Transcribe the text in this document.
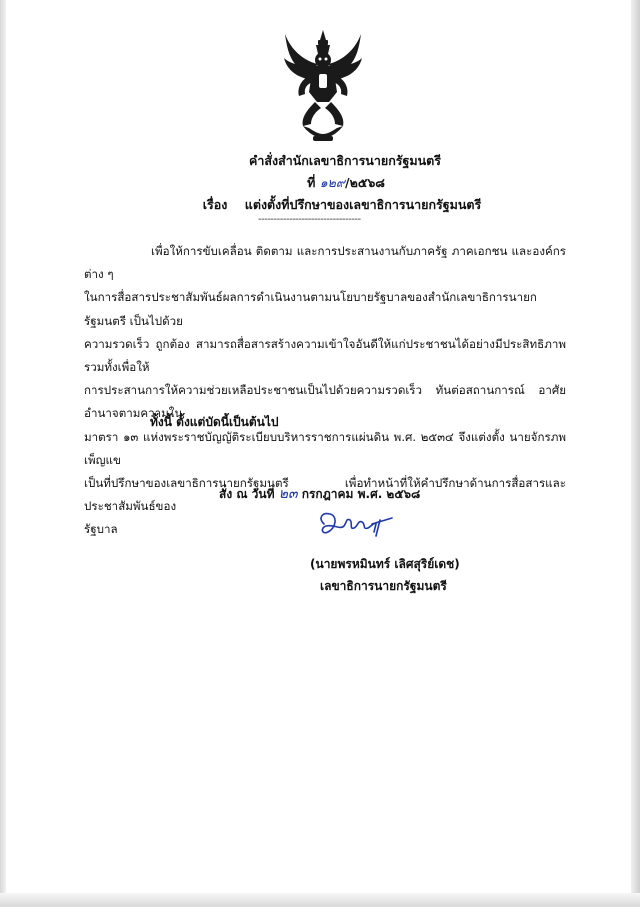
คำสั่งสำนักเลขาธิการนายกรัฐมนตรี
ที่ ๑๒๙/๒๕๖๘
เรื่อง แต่งตั้งที่ปรึกษาของเลขาธิการนายกรัฐมนตรี
---------------------------------

เพื่อให้การขับเคลื่อน ติดตาม และการประสานงานกับภาครัฐ ภาคเอกชน และองค์กรต่าง ๆ

ในการสื่อสารประชาสัมพันธ์ผลการดำเนินงานตามนโยบายรัฐบาลของสำนักเลขาธิการนายกรัฐมนตรี เป็นไปด้วย

ความรวดเร็ว ถูกต้อง สามารถสื่อสารสร้างความเข้าใจอันดีให้แก่ประชาชนได้อย่างมีประสิทธิภาพ รวมทั้งเพื่อให้

การประสานการให้ความช่วยเหลือประชาชนเป็นไปด้วยความรวดเร็ว ทันต่อสถานการณ์ อาศัยอำนาจตามความใน

มาตรา ๑๓ แห่งพระราชบัญญัติระเบียบบริหารราชการแผ่นดิน พ.ศ. ๒๕๓๔ จึงแต่งตั้ง นายจักรภพ เพ็ญแข

เป็นที่ปรึกษาของเลขาธิการนายกรัฐมนตรี เพื่อทำหน้าที่ให้คำปรึกษาด้านการสื่อสารและประชาสัมพันธ์ของ

รัฐบาล

ทั้งนี้ ตั้งแต่บัดนี้เป็นต้นไป
สั่ง ณ วันที่ ๒๓ กรกฎาคม พ.ศ. ๒๕๖๘
(นายพรหมินทร์ เลิศสุริย์เดช)
เลขาธิการนายกรัฐมนตรี
